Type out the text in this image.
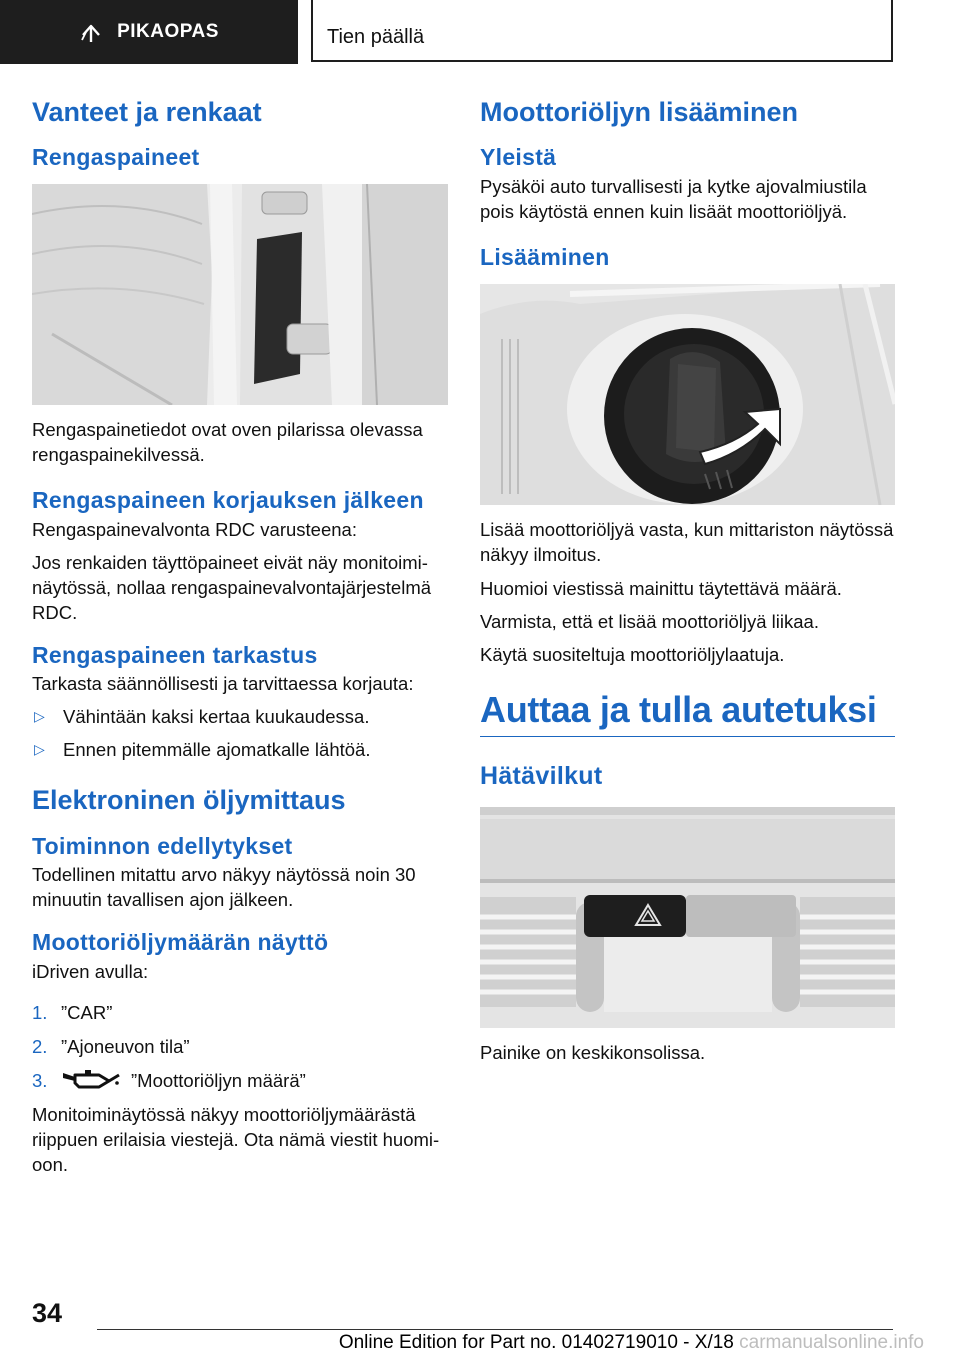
PIKAOPAS	Tien päällä
Vanteet ja renkaat
Rengaspaineet

Rengaspainetiedot ovat oven pilarissa olevassa rengaspainekilvessä.

Rengaspaineen korjauksen jälkeen

Rengaspainevalvonta RDC varusteena:

Jos renkaiden täyttöpaineet eivät näy monitoiminäytössä, nollaa rengaspainevalvontajärjestelmä RDC.

Rengaspaineen tarkastus

Tarkasta säännöllisesti ja tarvittaessa korjauta:

▷ Vähintään kaksi kertaa kuukaudessa.
▷ Ennen pitemmälle ajomatkalle lähtöä.
Elektroninen öljymittaus
Toiminnon edellytykset

Todellinen mitattu arvo näkyy näytössä noin 30 minuutin tavallisen ajon jälkeen.

Moottoriöljymäärän näyttö

iDriven avulla:

1. ”CAR”
2. ”Ajoneuvon tila”
3.	”Moottoriöljyn määrä”

Monitoiminäytössä näkyy moottoriöljymäärästä riippuen erilaisia viestejä. Ota nämä viestit huomioon.

Moottoriöljyn lisääminen
Yleistä

Pysäköi auto turvallisesti ja kytke ajovalmiustila pois käytöstä ennen kuin lisäät moottoriöljyä.

Lisääminen

Lisää moottoriöljyä vasta, kun mittariston näytössä näkyy ilmoitus.

Huomioi viestissä mainittu täytettävä määrä.

Varmista, että et lisää moottoriöljyä liikaa.

Käytä suositeltuja moottoriöljylaatuja.

Auttaa ja tulla autetuksi
Hätävilkut

Painike on keskikonsolissa.

34
Online Edition for Part no. 01402719010 - X/18 carmanualsonline.info
